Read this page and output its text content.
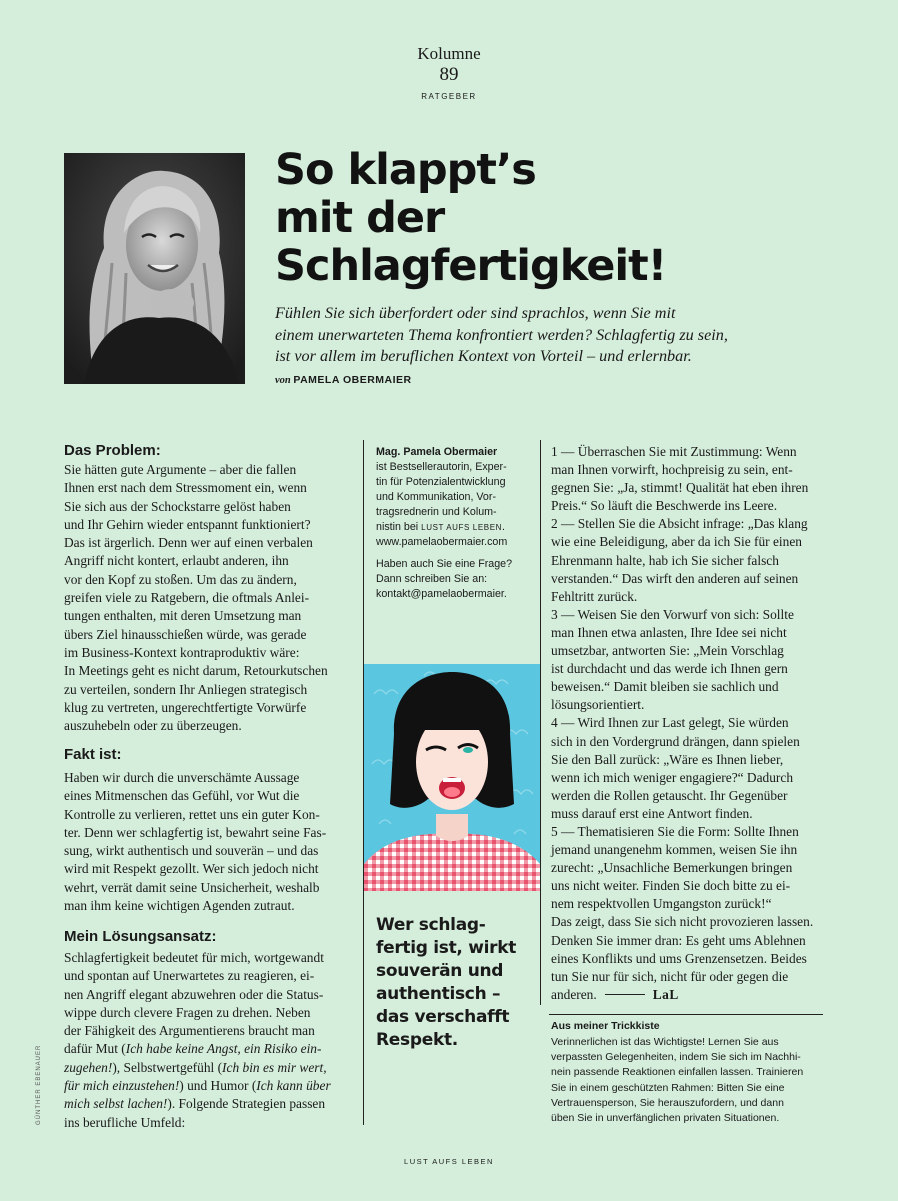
Kolumne
89
RATGEBER
So klappt’s
mit der
Schlagfertigkeit!
Fühlen Sie sich überfordert oder sind sprachlos, wenn Sie mit
einem unerwarteten Thema konfrontiert werden? Schlagfertig zu sein,
ist vor allem im beruflichen Kontext von Vorteil – und erlernbar.
von PAMELA OBERMAIER
Das Problem:
Sie hätten gute Argumente – aber die fallen
Ihnen erst nach dem Stressmoment ein, wenn
Sie sich aus der Schockstarre gelöst haben
und Ihr Gehirn wieder entspannt funktioniert?
Das ist ärgerlich. Denn wer auf einen verbalen
Angriff nicht kontert, erlaubt anderen, ihn
vor den Kopf zu stoßen. Um das zu ändern,
greifen viele zu Ratgebern, die oftmals Anlei-
tungen enthalten, mit deren Umsetzung man
übers Ziel hinausschießen würde, was gerade
im Business-Kontext kontraproduktiv wäre:
In Meetings geht es nicht darum, Retourkutschen
zu verteilen, sondern Ihr Anliegen strategisch
klug zu vertreten, ungerechtfertigte Vorwürfe
auszuhebeln oder zu überzeugen.
Fakt ist:
Haben wir durch die unverschämte Aussage
eines Mitmenschen das Gefühl, vor Wut die
Kontrolle zu verlieren, rettet uns ein guter Kon-
ter. Denn wer schlagfertig ist, bewahrt seine Fas-
sung, wirkt authentisch und souverän – und das
wird mit Respekt gezollt. Wer sich jedoch nicht
wehrt, verrät damit seine Unsicherheit, weshalb
man ihm keine wichtigen Agenden zutraut.
Mein Lösungsansatz:
Schlagfertigkeit bedeutet für mich, wortgewandt
und spontan auf Unerwartetes zu reagieren, ei-
nen Angriff elegant abzuwehren oder die Status-
wippe durch clevere Fragen zu drehen. Neben
der Fähigkeit des Argumentierens braucht man
dafür Mut (Ich habe keine Angst, ein Risiko ein-
zugehen!), Selbstwertgefühl (Ich bin es mir wert,
für mich einzustehen!) und Humor (Ich kann über
mich selbst lachen!). Folgende Strategien passen
ins berufliche Umfeld:
GÜNTHER EBENAUER

Mag. Pamela Obermaier
ist Bestsellerautorin, Exper-
tin für Potenzialentwicklung
und Kommunikation, Vor-
tragsrednerin und Kolum-
nistin bei LUST AUFS LEBEN.
www.pamelaobermaier.com

Haben auch Sie eine Frage?
Dann schreiben Sie an:
kontakt@pamelaobermaier.

Wer schlag-
fertig ist, wirkt
souverän und
authentisch –
das verschafft
Respekt.
1 — Überraschen Sie mit Zustimmung: Wenn
man Ihnen vorwirft, hochpreisig zu sein, ent-
gegnen Sie: „Ja, stimmt! Qualität hat eben ihren
Preis.“ So läuft die Beschwerde ins Leere.
2 — Stellen Sie die Absicht infrage: „Das klang
wie eine Beleidigung, aber da ich Sie für einen
Ehrenmann halte, hab ich Sie sicher falsch
verstanden.“ Das wirft den anderen auf seinen
Fehltritt zurück.
3 — Weisen Sie den Vorwurf von sich: Sollte
man Ihnen etwa anlasten, Ihre Idee sei nicht
umsetzbar, antworten Sie: „Mein Vorschlag
ist durchdacht und das werde ich Ihnen gern
beweisen.“ Damit bleiben sie sachlich und
lösungsorientiert.
4 — Wird Ihnen zur Last gelegt, Sie würden
sich in den Vordergrund drängen, dann spielen
Sie den Ball zurück: „Wäre es Ihnen lieber,
wenn ich mich weniger engagiere?“ Dadurch
werden die Rollen getauscht. Ihr Gegenüber
muss darauf erst eine Antwort finden.
5 — Thematisieren Sie die Form: Sollte Ihnen
jemand unangenehm kommen, weisen Sie ihn
zurecht: „Unsachliche Bemerkungen bringen
uns nicht weiter. Finden Sie doch bitte zu ei-
nem respektvollen Umgangston zurück!“
Das zeigt, dass Sie sich nicht provozieren lassen.
Denken Sie immer dran: Es geht ums Ablehnen
eines Konflikts und ums Grenzensetzen. Beides
tun Sie nur für sich, nicht für oder gegen die
anderen.	LaL
Aus meiner Trickkiste
Verinnerlichen ist das Wichtigste! Lernen Sie aus
verpassten Gelegenheiten, indem Sie sich im Nachhi-
nein passende Reaktionen einfallen lassen. Trainieren
Sie in einem geschützten Rahmen: Bitten Sie eine
Vertrauensperson, Sie herauszufordern, und dann
üben Sie in unverfänglichen privaten Situationen.
LUST AUFS LEBEN
